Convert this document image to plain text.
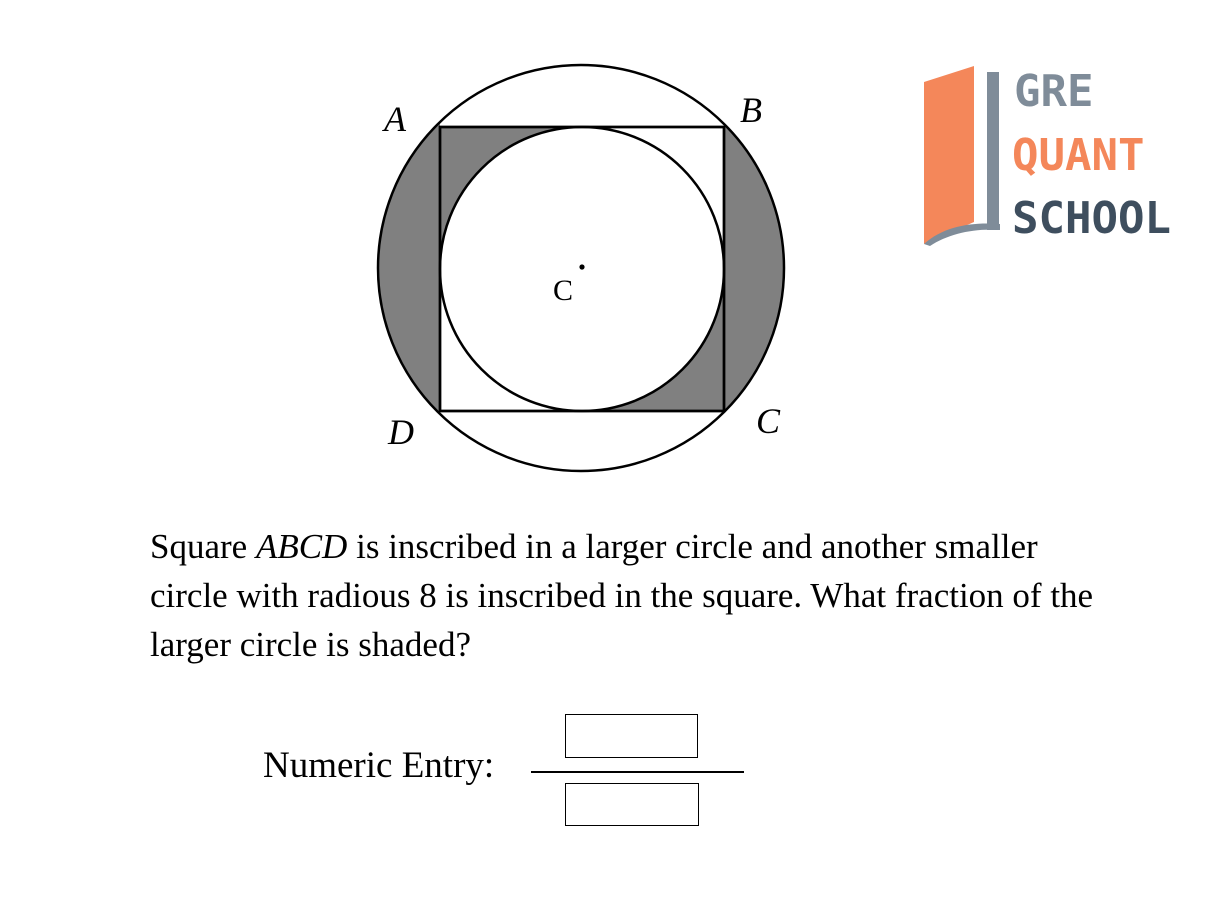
C
A	B
C
D
GRE
QUANT
SCHOOL

Square ABCD is inscribed in a larger circle and another smaller circle with radious 8 is inscribed in the square. What fraction of the larger circle is shaded?

Numeric Entry:
